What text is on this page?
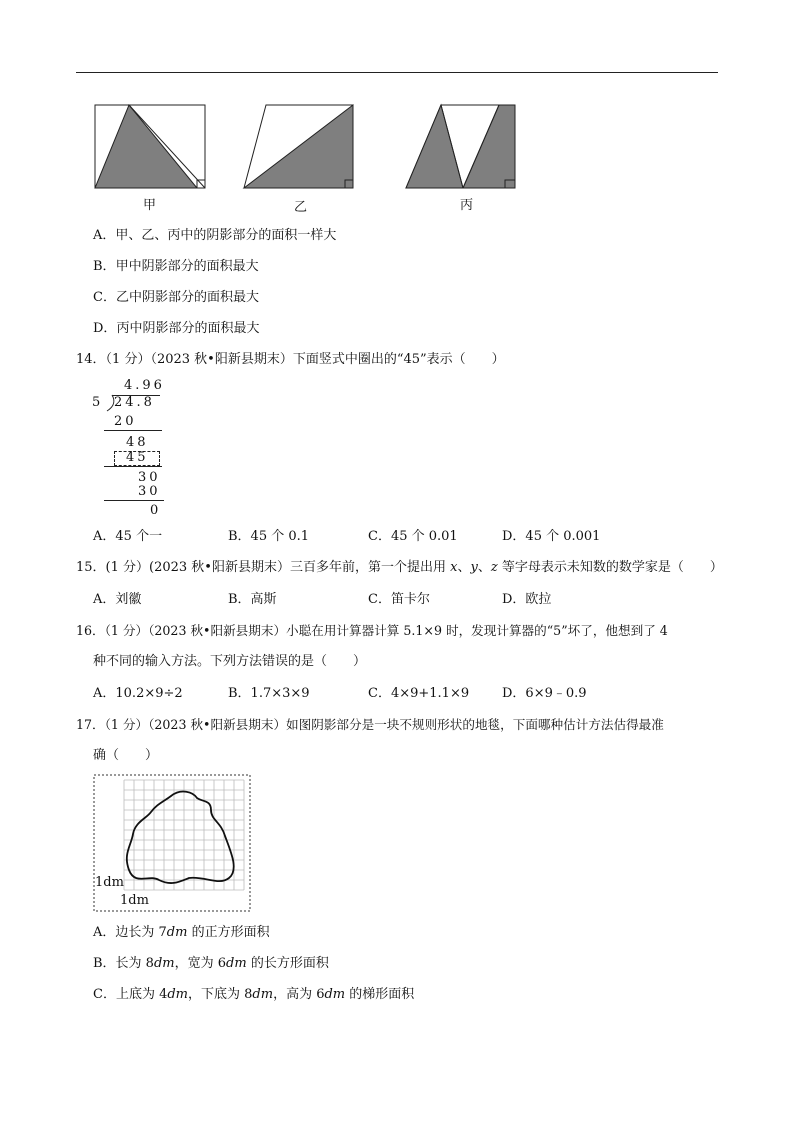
甲	乙	丙
A．甲、乙、丙中的阴影部分的面积一样大
B．甲中阴影部分的面积最大
C．乙中阴影部分的面积最大
D．丙中阴影部分的面积最大
14．（1 分）（2023 秋•阳新县期末）下面竖式中圈出的“45”表示（　　）
4.96
5 24.8
20
48
45
30
30
0
A．45 个一	B．45 个 0.1	C．45 个 0.01	D．45 个 0.001
15．(1 分）(2023 秋•阳新县期末）三百多年前，第一个提出用 x、y、z 等字母表示未知数的数学家是（　　）
A．刘徽	B．高斯	C．笛卡尔	D．欧拉
16．（1 分）（2023 秋•阳新县期末）小聪在用计算器计算 5.1×9 时，发现计算器的“5”坏了，他想到了 4
种不同的输入方法。下列方法错误的是（　　）
A．10.2×9÷2	B．1.7×3×9	C．4×9+1.1×9	D．6×9﹣0.9
17．（1 分）（2023 秋•阳新县期末）如图阴影部分是一块不规则形状的地毯，下面哪种估计方法估得最准
确（　　）
1dm
1dm
A．边长为 7dm 的正方形面积
B．长为 8dm，宽为 6dm 的长方形面积
C．上底为 4dm，下底为 8dm，高为 6dm 的梯形面积
